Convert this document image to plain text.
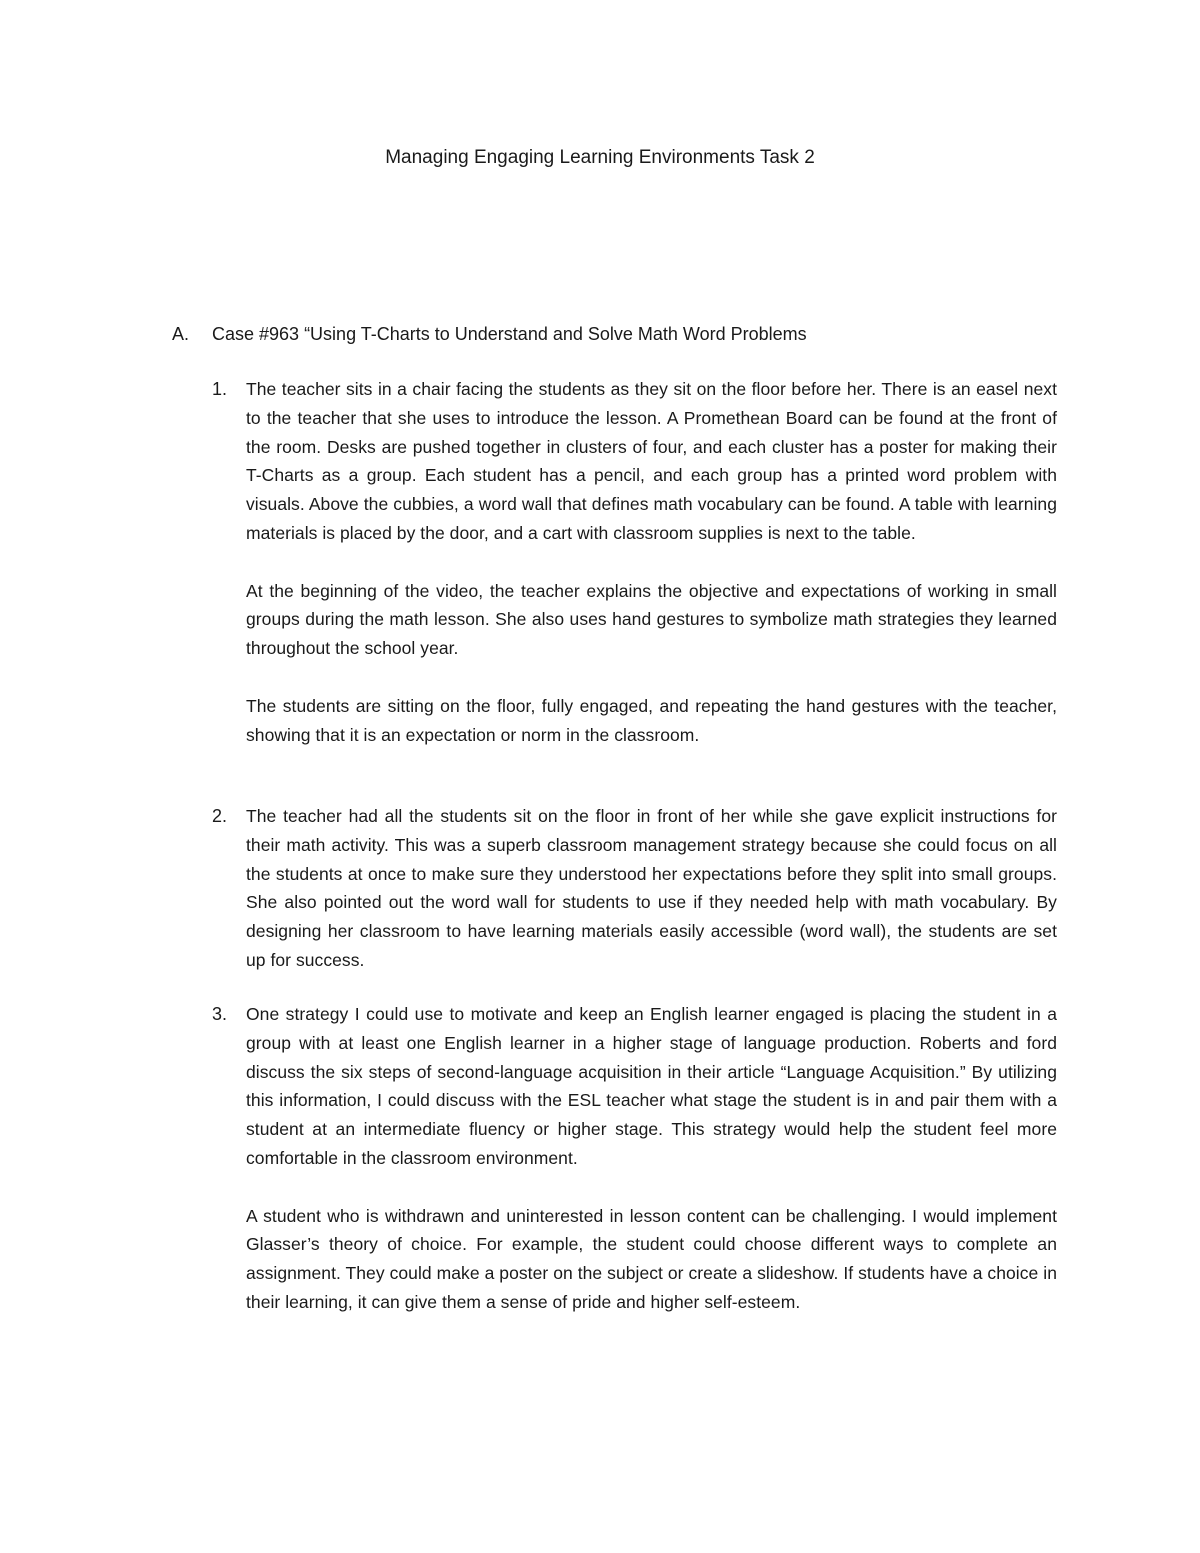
Managing Engaging Learning Environments Task 2
A. Case #963 “Using T-Charts to Understand and Solve Math Word Problems
1. The teacher sits in a chair facing the students as they sit on the floor before her. There is an easel next to the teacher that she uses to introduce the lesson. A Promethean Board can be found at the front of the room. Desks are pushed together in clusters of four, and each cluster has a poster for making their T-Charts as a group. Each student has a pencil, and each group has a printed word problem with visuals. Above the cubbies, a word wall that defines math vocabulary can be found. A table with learning materials is placed by the door, and a cart with classroom supplies is next to the table.

At the beginning of the video, the teacher explains the objective and expectations of working in small groups during the math lesson. She also uses hand gestures to symbolize math strategies they learned throughout the school year.

The students are sitting on the floor, fully engaged, and repeating the hand gestures with the teacher, showing that it is an expectation or norm in the classroom.

2. The teacher had all the students sit on the floor in front of her while she gave explicit instructions for their math activity. This was a superb classroom management strategy because she could focus on all the students at once to make sure they understood her expectations before they split into small groups. She also pointed out the word wall for students to use if they needed help with math vocabulary. By designing her classroom to have learning materials easily accessible (word wall), the students are set up for success.

3. One strategy I could use to motivate and keep an English learner engaged is placing the student in a group with at least one English learner in a higher stage of language production. Roberts and ford discuss the six steps of second-language acquisition in their article “Language Acquisition.” By utilizing this information, I could discuss with the ESL teacher what stage the student is in and pair them with a student at an intermediate fluency or higher stage. This strategy would help the student feel more comfortable in the classroom environment.

A student who is withdrawn and uninterested in lesson content can be challenging. I would implement Glasser’s theory of choice. For example, the student could choose different ways to complete an assignment. They could make a poster on the subject or create a slideshow. If students have a choice in their learning, it can give them a sense of pride and higher self-esteem.
